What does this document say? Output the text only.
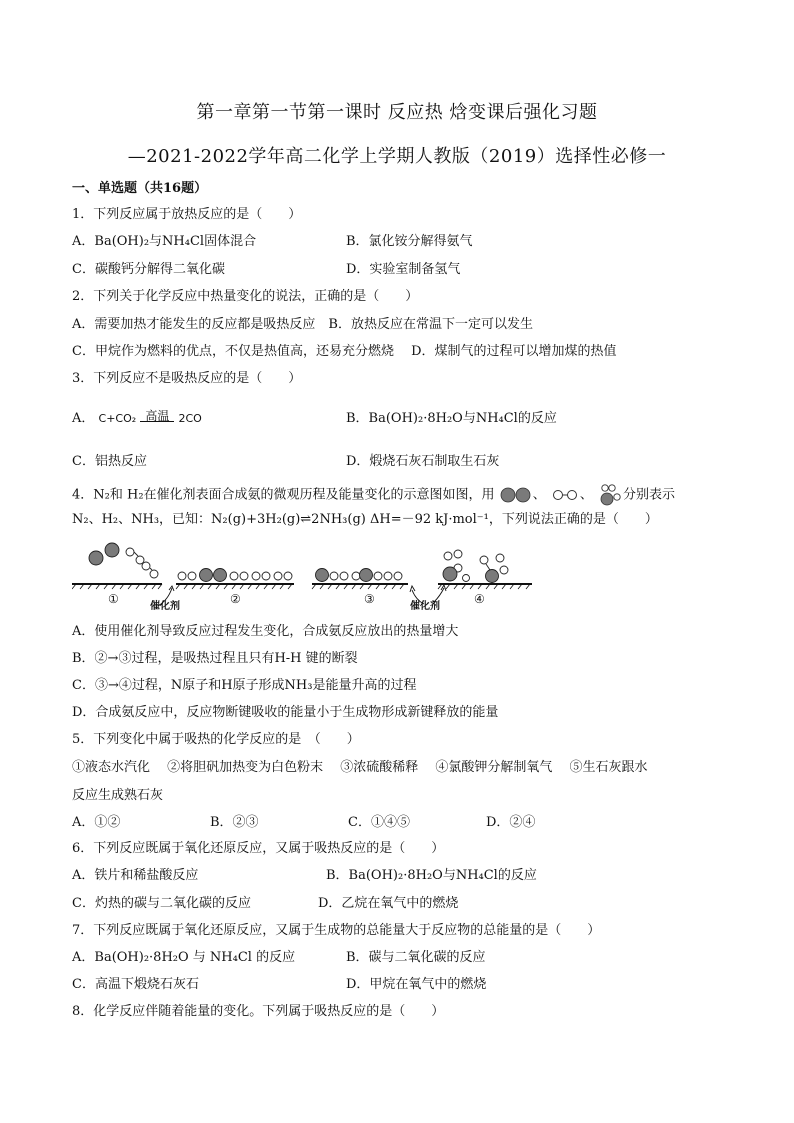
第一章第一节第一课时 反应热 焓变课后强化习题
—2021-2022学年高二化学上学期人教版（2019）选择性必修一
一、单选题（共16题）
1．下列反应属于放热反应的是（　　）
A．Ba(OH)₂与NH₄Cl固体混合	B．氯化铵分解得氨气
C．碳酸钙分解得二氧化碳	D．实验室制备氢气
2．下列关于化学反应中热量变化的说法，正确的是（　　）
A．需要加热才能发生的反应都是吸热反应　B．放热反应在常温下一定可以发生
C．甲烷作为燃料的优点，不仅是热值高，还易充分燃烧　 D．煤制气的过程可以增加煤的热值
3．下列反应不是吸热反应的是（　　）
A． C+CO₂ 高温 2CO	B．Ba(OH)₂·8H₂O与NH₄Cl的反应
C．铝热反应	D．煅烧石灰石制取生石灰
4．N₂和 H₂在催化剂表面合成氨的微观历程及能量变化的示意图如图，用	、	、 分别表示
N₂、H₂、NH₃，已知：N₂(g)+3H₂(g)⇌2NH₃(g) ΔH=－92 kJ·mol⁻¹，下列说法正确的是（　　）
①
催化剂
②	③
催化剂
④
A．使用催化剂导致反应过程发生变化，合成氨反应放出的热量增大
B．②→③过程，是吸热过程且只有H-H 键的断裂
C．③→④过程，N原子和H原子形成NH₃是能量升高的过程
D．合成氨反应中，反应物断键吸收的能量小于生成物形成新键释放的能量
5．下列变化中属于吸热的化学反应的是　（　　）
①液态水汽化　 ②将胆矾加热变为白色粉末　 ③浓硫酸稀释　 ④氯酸钾分解制氧气　 ⑤生石灰跟水
反应生成熟石灰
A．①②	B．②③	C．①④⑤	D．②④
6．下列反应既属于氧化还原反应，又属于吸热反应的是（　　）
A．铁片和稀盐酸反应	B．Ba(OH)₂·8H₂O与NH₄Cl的反应
C．灼热的碳与二氧化碳的反应	D．乙烷在氧气中的燃烧
7．下列反应既属于氧化还原反应，又属于生成物的总能量大于反应物的总能量的是（　　）
A．Ba(OH)₂·8H₂O 与 NH₄Cl 的反应	B．碳与二氧化碳的反应
C．高温下煅烧石灰石	D．甲烷在氧气中的燃烧
8．化学反应伴随着能量的变化。下列属于吸热反应的是（　　）
